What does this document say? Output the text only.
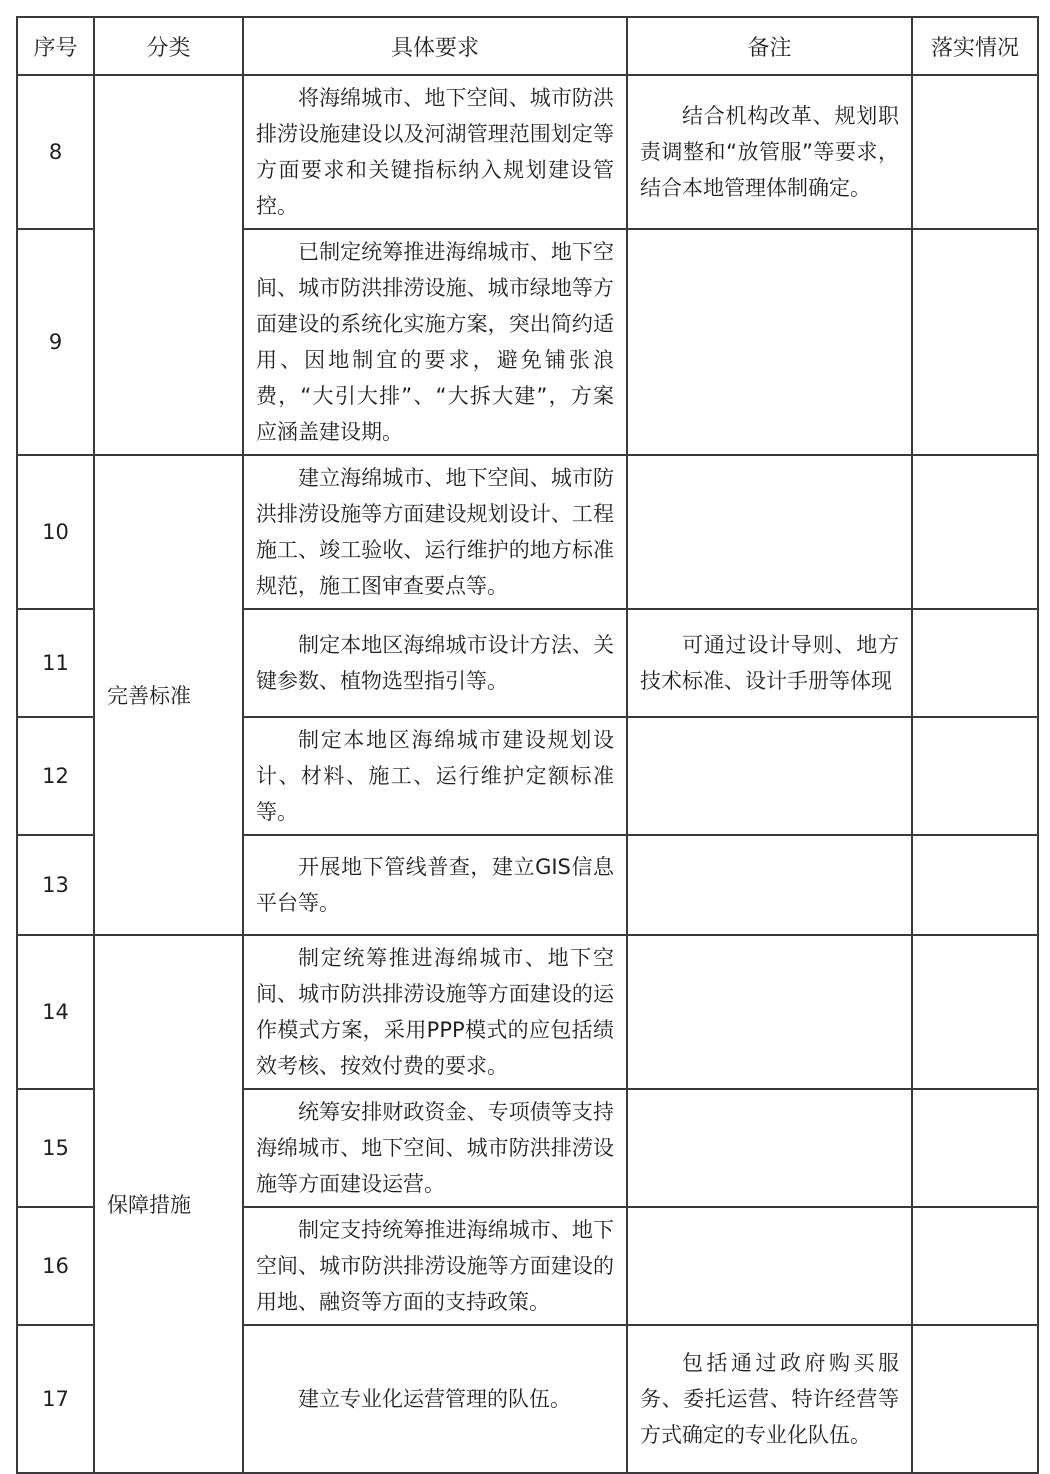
序号	分类	具体要求	备注	落实情况
8		将海绵城市、地下空间、城市防洪排涝设施建设以及河湖管理范围划定等方面要求和关键指标纳入规划建设管控。	结合机构改革、规划职责调整和“放管服”等要求，结合本地管理体制确定。	

9		已制定统筹推进海绵城市、地下空间、城市防洪排涝设施、城市绿地等方面建设的系统化实施方案，突出简约适用、因地制宜的要求，避免铺张浪费，“大引大排”、“大拆大建”，方案应涵盖建设期。		

10	完善标准	建立海绵城市、地下空间、城市防洪排涝设施等方面建设规划设计、工程施工、竣工验收、运行维护的地方标准规范，施工图审查要点等。		

11		制定本地区海绵城市设计方法、关键参数、植物选型指引等。	可通过设计导则、地方技术标准、设计手册等体现	

12		制定本地区海绵城市建设规划设计、材料、施工、运行维护定额标准等。		

13		开展地下管线普查，建立GIS信息平台等。		

14	保障措施	制定统筹推进海绵城市、地下空间、城市防洪排涝设施等方面建设的运作模式方案，采用PPP模式的应包括绩效考核、按效付费的要求。		

15		统筹安排财政资金、专项债等支持海绵城市、地下空间、城市防洪排涝设施等方面建设运营。		

16		制定支持统筹推进海绵城市、地下空间、城市防洪排涝设施等方面建设的用地、融资等方面的支持政策。		

17		建立专业化运营管理的队伍。	包括通过政府购买服务、委托运营、特许经营等方式确定的专业化队伍。	
